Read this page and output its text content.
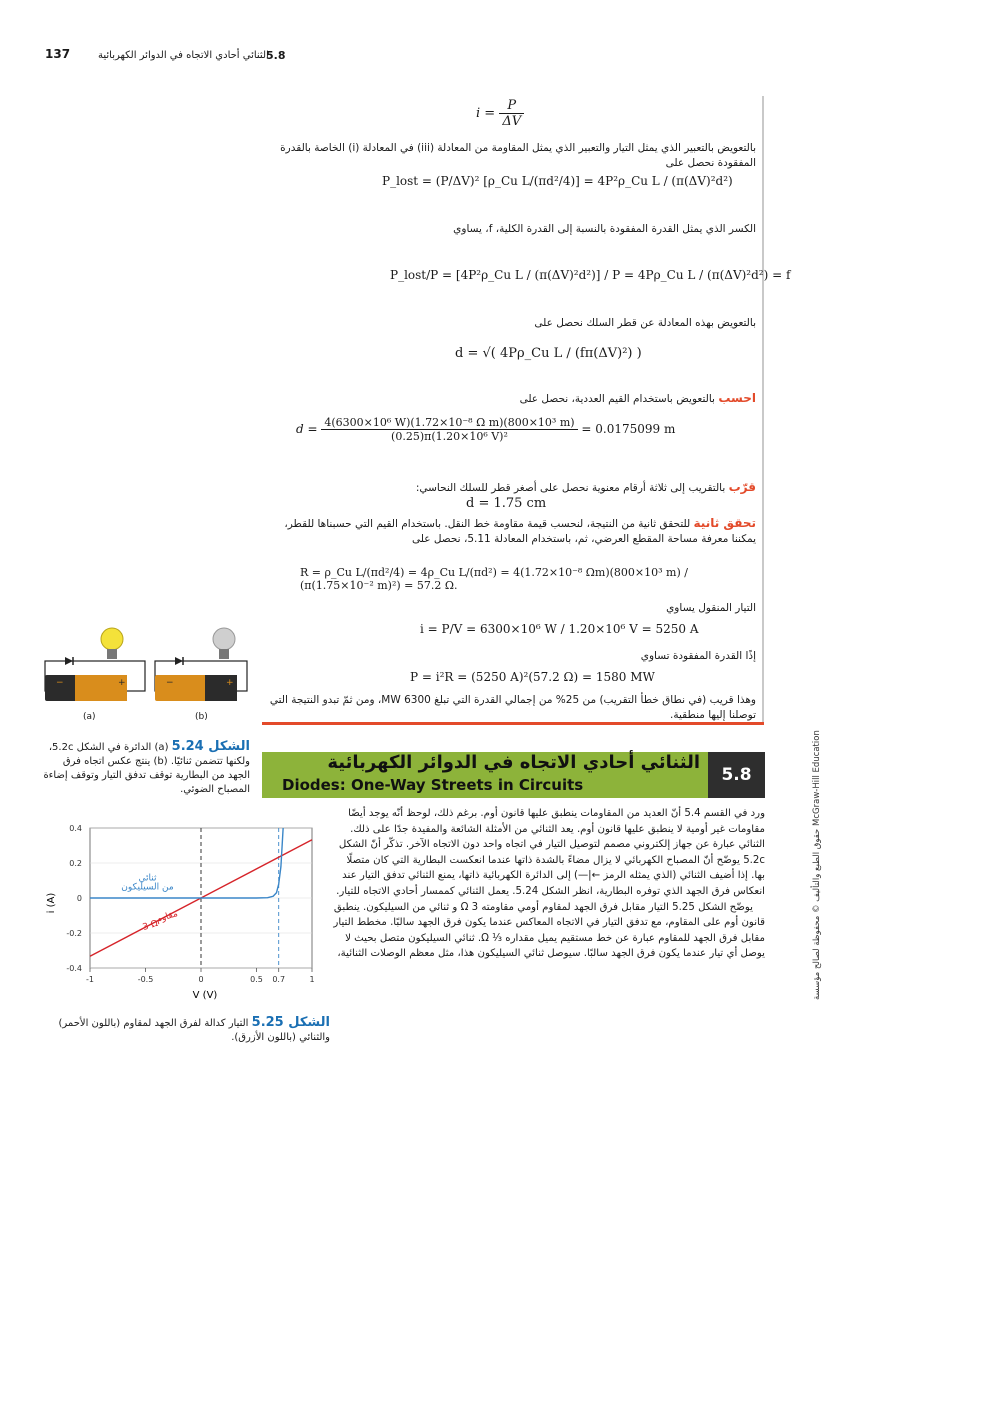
137	الثنائي أحادي الاتجاه في الدوائر الكهربائية
5.8
$i = \frac{P}{\Delta V}$
بالتعويض بالتعبير الذي يمثل التيار والتعبير الذي يمثل المقاومة من المعادلة (iii) في المعادلة (i) الخاصة بالقدرة المفقودة نحصل على
P_lost = (P/ΔV)² [ρ_Cu L/(πd²/4)] = 4P²ρ_Cu L / (π(ΔV)²d²)
الكسر الذي يمثل القدرة المفقودة بالنسبة إلى القدرة الكلية، f، يساوي
P_lost/P = [4P²ρ_Cu L / (π(ΔV)²d²)] / P = 4Pρ_Cu L / (π(ΔV)²d²) = f
بالتعويض بهذه المعادلة عن قطر السلك نحصل على
d = √( 4Pρ_Cu L / (fπ(ΔV)²) )
احسب بالتعويض باستخدام القيم العددية، نحصل على
$d = \frac{\text{4(6300×10⁶ W)(1.72×10⁻⁸ Ω m)(800×10³ m)}}{\text{(0.25)π(1.20×10⁶ V)²}} = 0.0175099$ m
قرّب بالتقريب إلى ثلاثة أرقام معنوية نحصل على أصغر قطر للسلك النحاسي:
d = 1.75 cm
تحقق ثانية للتحقق ثانية من النتيجة، لنحسب قيمة مقاومة خط النقل. باستخدام القيم التي حسبناها للقطر، يمكننا معرفة مساحة المقطع العرضي، ثم، باستخدام المعادلة 5.11، نحصل على
R = ρ_Cu L/(πd²/4) = 4ρ_Cu L/(πd²) = 4(1.72×10⁻⁸ Ωm)(800×10³ m) / (π(1.75×10⁻² m)²) = 57.2 Ω.
التيار المنقول يساوي
i = P/V = 6300×10⁶ W / 1.20×10⁶ V = 5250 A
إذًا القدرة المفقودة تساوي
P = i²R = (5250 A)²(57.2 Ω) = 1580 MW
وهذا قريب (في نطاق خطأ التقريب) من 25% من إجمالي القدرة التي تبلغ 6300 MW، ومن ثمّ تبدو النتيجة التي توصلنا إليها منطقية.
−	+	−	+
(a)	(b)
الشكل 5.24 (a) الدائرة في الشكل 5.2c، ولكنها تتضمن ثنائيًا. (b) ينتج عكس اتجاه فرق الجهد من البطارية توقف تدفق التيار وتوقف إضاءة المصباح الضوئي.
i (A)
V (V)
0.4
0.2
0
-0.2
-0.4
-1	-0.5	0	0.5 0.7	1
ثنائي
من السيليكون
مقاوم
3 Ω
الشكل 5.25 التيار كدالة لفرق الجهد لمقاوم (باللون الأحمر) والثنائي (باللون الأزرق).
الثنائي أحادي الاتجاه في الدوائر الكهربائية
Diodes: One-Way Streets in Circuits	5.8
ورد في القسم 5.4 أنّ العديد من المقاومات ينطبق عليها قانون أوم. برغم ذلك، لوحظ أنّه يوجد أيضًا مقاومات غير أومية لا ينطبق عليها قانون أوم. يعد الثنائي من الأمثلة الشائعة والمفيدة جدًا على ذلك. الثنائي عبارة عن جهاز إلكتروني مصمم لتوصيل التيار في اتجاه واحد دون الاتجاه الآخر. تذكّر أنّ الشكل 5.2c يوضّح أنّ المصباح الكهربائي لا يزال مضاءً بالشدة ذاتها عندما انعكست البطارية التي كان متصلًا بها. إذا أضيف الثنائي (الذي يمثله الرمز ←|—) إلى الدائرة الكهربائية ذاتها، يمنع الثنائي تدفق التيار عند انعكاس فرق الجهد الذي توفره البطارية، انظر الشكل 5.24. يعمل الثنائي كممسار أحادي الاتجاه للتيار.
يوضّح الشكل 5.25 التيار مقابل فرق الجهد لمقاوم أومي مقاومته 3 Ω و ثنائي من السيليكون. ينطبق قانون أوم على المقاوم، مع تدفق التيار في الاتجاه المعاكس عندما يكون فرق الجهد سالبًا. مخطط التيار مقابل فرق الجهد للمقاوم عبارة عن خط مستقيم يميل مقداره ⅓ Ω. ثنائي السيليكون متصل بحيث لا يوصل أي تيار عندما يكون فرق الجهد سالبًا. سيوصل ثنائي السيليكون هذا، مثل معظم الوصلات الثنائية،	حقوق الطبع والتأليف © محفوظة لصالح مؤسسة McGraw-Hill Education
